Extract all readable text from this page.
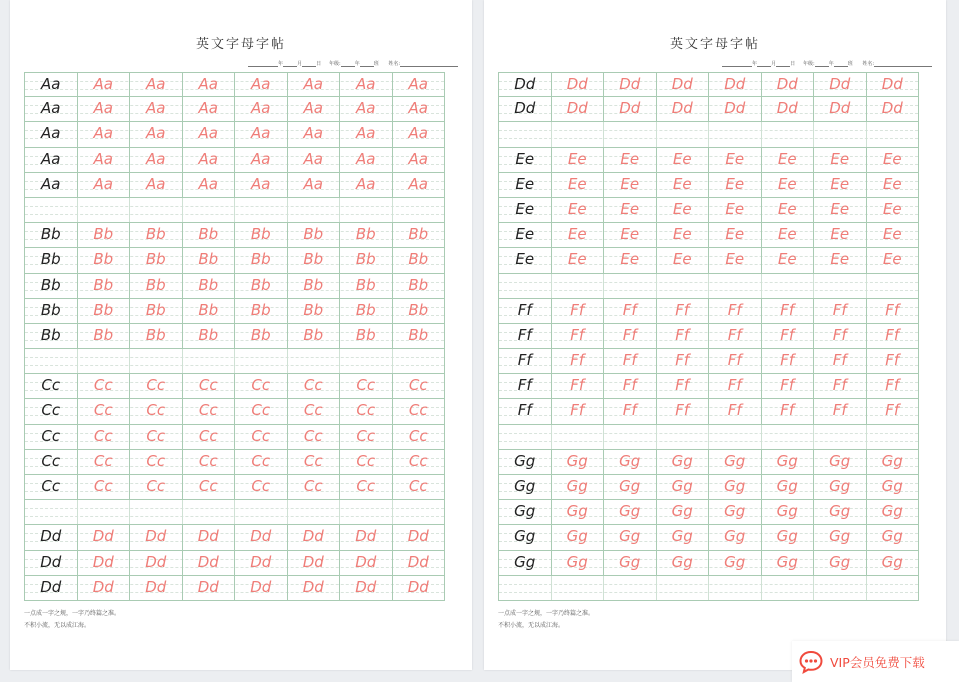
英文字母字帖
年	月	日 年级:	年	班 姓名:
Aa	Aa	Aa	Aa	Aa	Aa	Aa	Aa
Aa	Aa	Aa	Aa	Aa	Aa	Aa	Aa
Aa	Aa	Aa	Aa	Aa	Aa	Aa	Aa
Aa	Aa	Aa	Aa	Aa	Aa	Aa	Aa
Aa	Aa	Aa	Aa	Aa	Aa	Aa	Aa
Bb	Bb	Bb	Bb	Bb	Bb	Bb	Bb
Bb	Bb	Bb	Bb	Bb	Bb	Bb	Bb
Bb	Bb	Bb	Bb	Bb	Bb	Bb	Bb
Bb	Bb	Bb	Bb	Bb	Bb	Bb	Bb
Bb	Bb	Bb	Bb	Bb	Bb	Bb	Bb
Cc	Cc	Cc	Cc	Cc	Cc	Cc	Cc
Cc	Cc	Cc	Cc	Cc	Cc	Cc	Cc
Cc	Cc	Cc	Cc	Cc	Cc	Cc	Cc
Cc	Cc	Cc	Cc	Cc	Cc	Cc	Cc
Cc	Cc	Cc	Cc	Cc	Cc	Cc	Cc
Dd	Dd	Dd	Dd	Dd	Dd	Dd	Dd
Dd	Dd	Dd	Dd	Dd	Dd	Dd	Dd
Dd	Dd	Dd	Dd	Dd	Dd	Dd	Dd
一点成一字之规，一字乃终篇之准。
不积小流，无以成江海。
英文字母字帖
年	月	日 年级:	年	班 姓名:
Dd	Dd	Dd	Dd	Dd	Dd	Dd	Dd
Dd	Dd	Dd	Dd	Dd	Dd	Dd	Dd
Ee	Ee	Ee	Ee	Ee	Ee	Ee	Ee
Ee	Ee	Ee	Ee	Ee	Ee	Ee	Ee
Ee	Ee	Ee	Ee	Ee	Ee	Ee	Ee
Ee	Ee	Ee	Ee	Ee	Ee	Ee	Ee
Ee	Ee	Ee	Ee	Ee	Ee	Ee	Ee
Ff	Ff	Ff	Ff	Ff	Ff	Ff	Ff
Ff	Ff	Ff	Ff	Ff	Ff	Ff	Ff
Ff	Ff	Ff	Ff	Ff	Ff	Ff	Ff
Ff	Ff	Ff	Ff	Ff	Ff	Ff	Ff
Ff	Ff	Ff	Ff	Ff	Ff	Ff	Ff
Gg	Gg	Gg	Gg	Gg	Gg	Gg	Gg
Gg	Gg	Gg	Gg	Gg	Gg	Gg	Gg
Gg	Gg	Gg	Gg	Gg	Gg	Gg	Gg
Gg	Gg	Gg	Gg	Gg	Gg	Gg	Gg
Gg	Gg	Gg	Gg	Gg	Gg	Gg	Gg
一点成一字之规，一字乃终篇之准。
不积小流，无以成江海。
VIP会员免费下载
